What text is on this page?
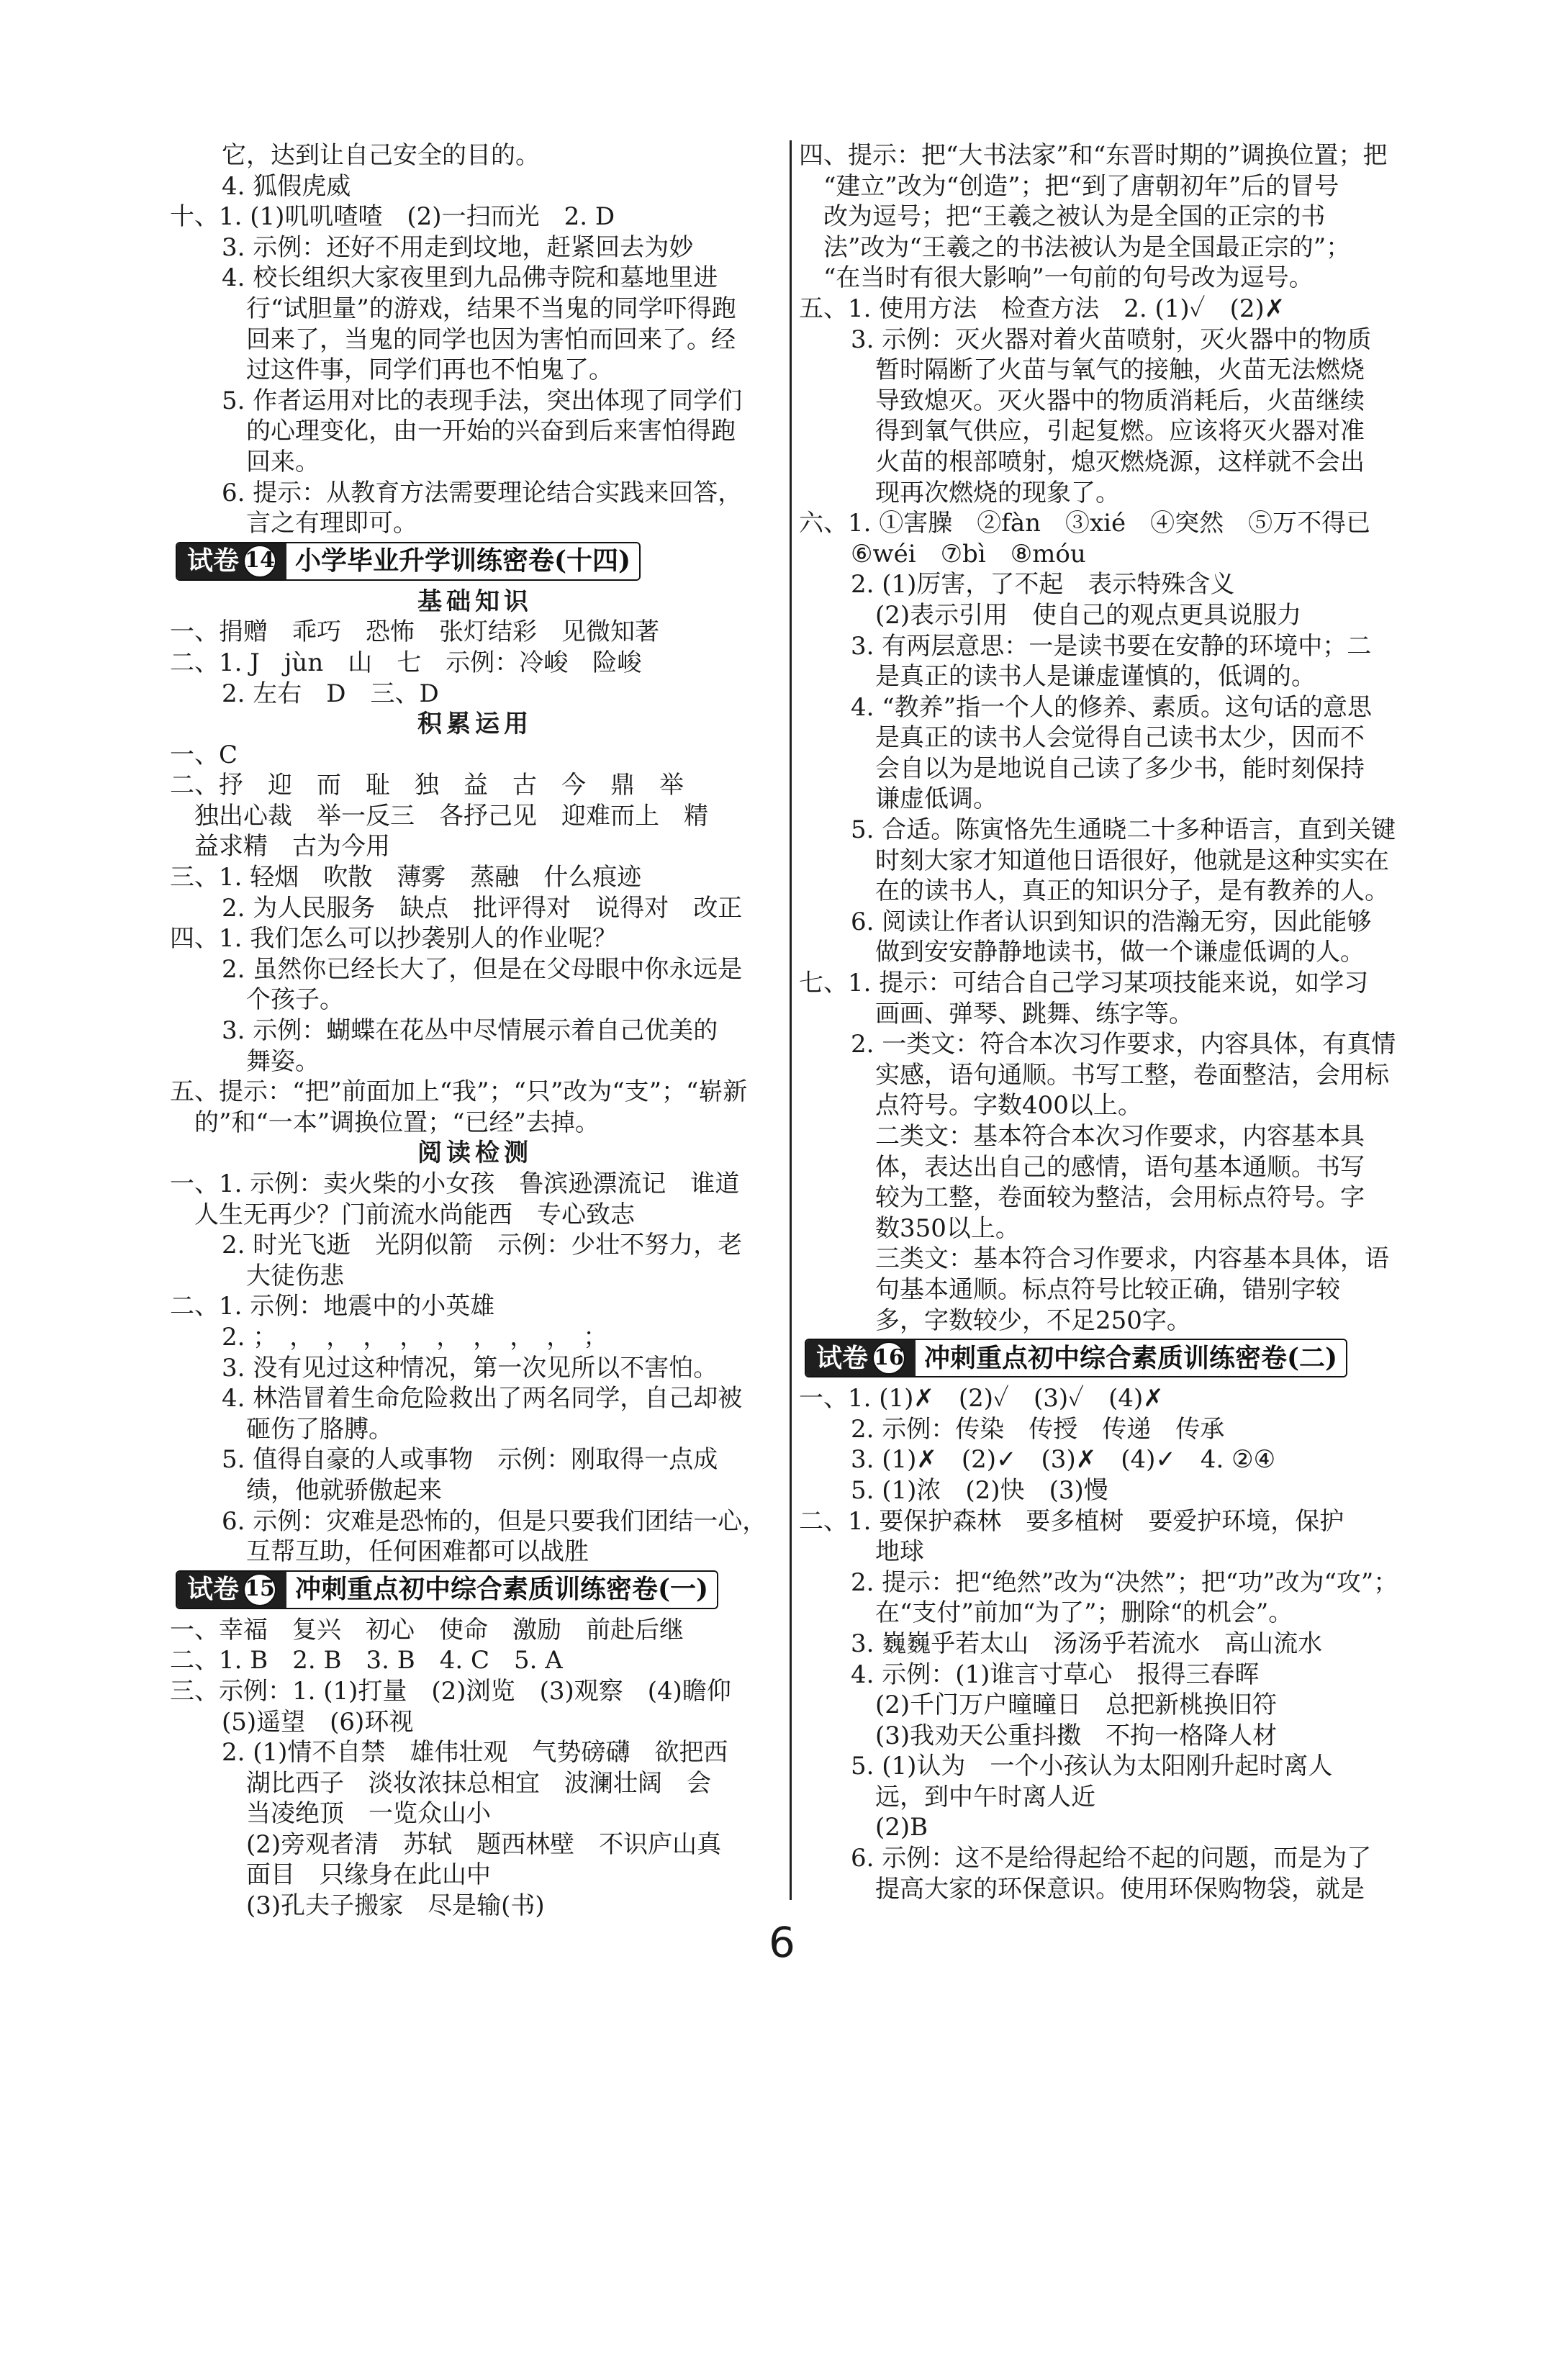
它，达到让自己安全的目的。
4. 狐假虎威
十、1. (1)叽叽喳喳　(2)一扫而光　2. D
3. 示例：还好不用走到坟地，赶紧回去为妙
4. 校长组织大家夜里到九品佛寺院和墓地里进
行“试胆量”的游戏，结果不当鬼的同学吓得跑
回来了，当鬼的同学也因为害怕而回来了。经
过这件事，同学们再也不怕鬼了。
5. 作者运用对比的表现手法，突出体现了同学们
的心理变化，由一开始的兴奋到后来害怕得跑
回来。
6. 提示：从教育方法需要理论结合实践来回答，
言之有理即可。
试卷 14 小学毕业升学训练密卷(十四)
基础知识
一、捐赠　乖巧　恐怖　张灯结彩　见微知著
二、1. J　jùn　山　七　示例：冷峻　险峻
2. 左右　D　三、D
积累运用
一、C
二、抒　迎　而　耻　独　益　古　今　鼎　举
独出心裁　举一反三　各抒己见　迎难而上　精
益求精　古为今用
三、1. 轻烟　吹散　薄雾　蒸融　什么痕迹
2. 为人民服务　缺点　批评得对　说得对　改正
四、1. 我们怎么可以抄袭别人的作业呢？
2. 虽然你已经长大了，但是在父母眼中你永远是
个孩子。
3. 示例：蝴蝶在花丛中尽情展示着自己优美的
舞姿。
五、提示：“把”前面加上“我”；“只”改为“支”；“崭新
的”和“一本”调换位置；“已经”去掉。
阅读检测
一、1. 示例：卖火柴的小女孩　鲁滨逊漂流记　谁道
人生无再少？门前流水尚能西　专心致志
2. 时光飞逝　光阴似箭　示例：少壮不努力，老
大徒伤悲
二、1. 示例：地震中的小英雄
2. ；　，　，　，　，　，　，　，　，　；
3. 没有见过这种情况，第一次见所以不害怕。
4. 林浩冒着生命危险救出了两名同学，自己却被
砸伤了胳膊。
5. 值得自豪的人或事物　示例：刚取得一点成
绩，他就骄傲起来
6. 示例：灾难是恐怖的，但是只要我们团结一心，
互帮互助，任何困难都可以战胜
试卷 15 冲刺重点初中综合素质训练密卷(一)
一、幸福　复兴　初心　使命　激励　前赴后继
二、1. B　2. B　3. B　4. C　5. A
三、示例：1. (1)打量　(2)浏览　(3)观察　(4)瞻仰
(5)遥望　(6)环视
2. (1)情不自禁　雄伟壮观　气势磅礴　欲把西
湖比西子　淡妆浓抹总相宜　波澜壮阔　会
当凌绝顶　一览众山小
(2)旁观者清　苏轼　题西林壁　不识庐山真
面目　只缘身在此山中
(3)孔夫子搬家　尽是输(书)
四、提示：把“大书法家”和“东晋时期的”调换位置；把
“建立”改为“创造”；把“到了唐朝初年”后的冒号
改为逗号；把“王羲之被认为是全国的正宗的书
法”改为“王羲之的书法被认为是全国最正宗的”；
“在当时有很大影响”一句前的句号改为逗号。
五、1. 使用方法　检查方法　2. (1)✓　(2)✗
3. 示例：灭火器对着火苗喷射，灭火器中的物质
暂时隔断了火苗与氧气的接触，火苗无法燃烧
导致熄灭。灭火器中的物质消耗后，火苗继续
得到氧气供应，引起复燃。应该将灭火器对准
火苗的根部喷射，熄灭燃烧源，这样就不会出
现再次燃烧的现象了。
六、1. ①害臊　②fàn　③xié　④突然　⑤万不得已
⑥wéi　⑦bì　⑧móu
2. (1)厉害，了不起　表示特殊含义
(2)表示引用　使自己的观点更具说服力
3. 有两层意思：一是读书要在安静的环境中；二
是真正的读书人是谦虚谨慎的，低调的。
4. “教养”指一个人的修养、素质。这句话的意思
是真正的读书人会觉得自己读书太少，因而不
会自以为是地说自己读了多少书，能时刻保持
谦虚低调。
5. 合适。陈寅恪先生通晓二十多种语言，直到关键
时刻大家才知道他日语很好，他就是这种实实在
在的读书人，真正的知识分子，是有教养的人。
6. 阅读让作者认识到知识的浩瀚无穷，因此能够
做到安安静静地读书，做一个谦虚低调的人。
七、1. 提示：可结合自己学习某项技能来说，如学习
画画、弹琴、跳舞、练字等。
2. 一类文：符合本次习作要求，内容具体，有真情
实感，语句通顺。书写工整，卷面整洁，会用标
点符号。字数400以上。
二类文：基本符合本次习作要求，内容基本具
体，表达出自己的感情，语句基本通顺。书写
较为工整，卷面较为整洁，会用标点符号。字
数350以上。
三类文：基本符合习作要求，内容基本具体，语
句基本通顺。标点符号比较正确，错别字较
多，字数较少，不足250字。
试卷 16 冲刺重点初中综合素质训练密卷(二)
一、1. (1)✗　(2)✓　(3)✓　(4)✗
2. 示例：传染　传授　传递　传承
3. (1)✗　(2)✓　(3)✗　(4)✓　4. ②④
5. (1)浓　(2)快　(3)慢
二、1. 要保护森林　要多植树　要爱护环境，保护
地球
2. 提示：把“绝然”改为“决然”；把“功”改为“攻”；
在“支付”前加“为了”；删除“的机会”。
3. 巍巍乎若太山　汤汤乎若流水　高山流水
4. 示例：(1)谁言寸草心　报得三春晖
(2)千门万户曈曈日　总把新桃换旧符
(3)我劝天公重抖擞　不拘一格降人材
5. (1)认为　一个小孩认为太阳刚升起时离人
远，到中午时离人近
(2)B
6. 示例：这不是给得起给不起的问题，而是为了
提高大家的环保意识。使用环保购物袋，就是
6
